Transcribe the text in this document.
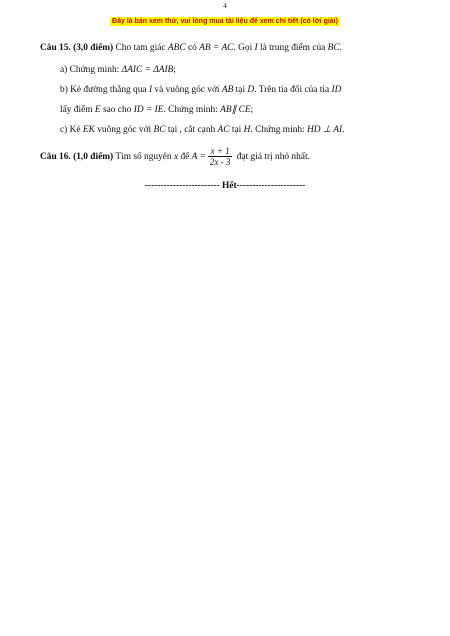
4
Đây là bản xem thử, vui lòng mua tài liệu để xem chi tiết (có lời giải)
Câu 15. (3,0 điểm) Cho tam giác ABC có AB = AC. Gọi I là trung điểm của BC.
a) Chứng minh: ΔAIC = ΔAIB;
b) Kẻ đường thẳng qua I và vuông góc với AB tại D. Trên tia đối của tia ID
lấy điểm E sao cho ID = IE. Chứng minh: AB∥ CE;
c) Kẻ EK vuông góc với BC tại , cắt cạnh AC tại H. Chứng minh: HD ⊥ AI.
Câu 16. (1,0 điểm) Tìm số nguyên x để $A = \frac{x + 1}{2x - 3}$ đạt giá trị nhỏ nhất.
------------------------ Hết----------------------
